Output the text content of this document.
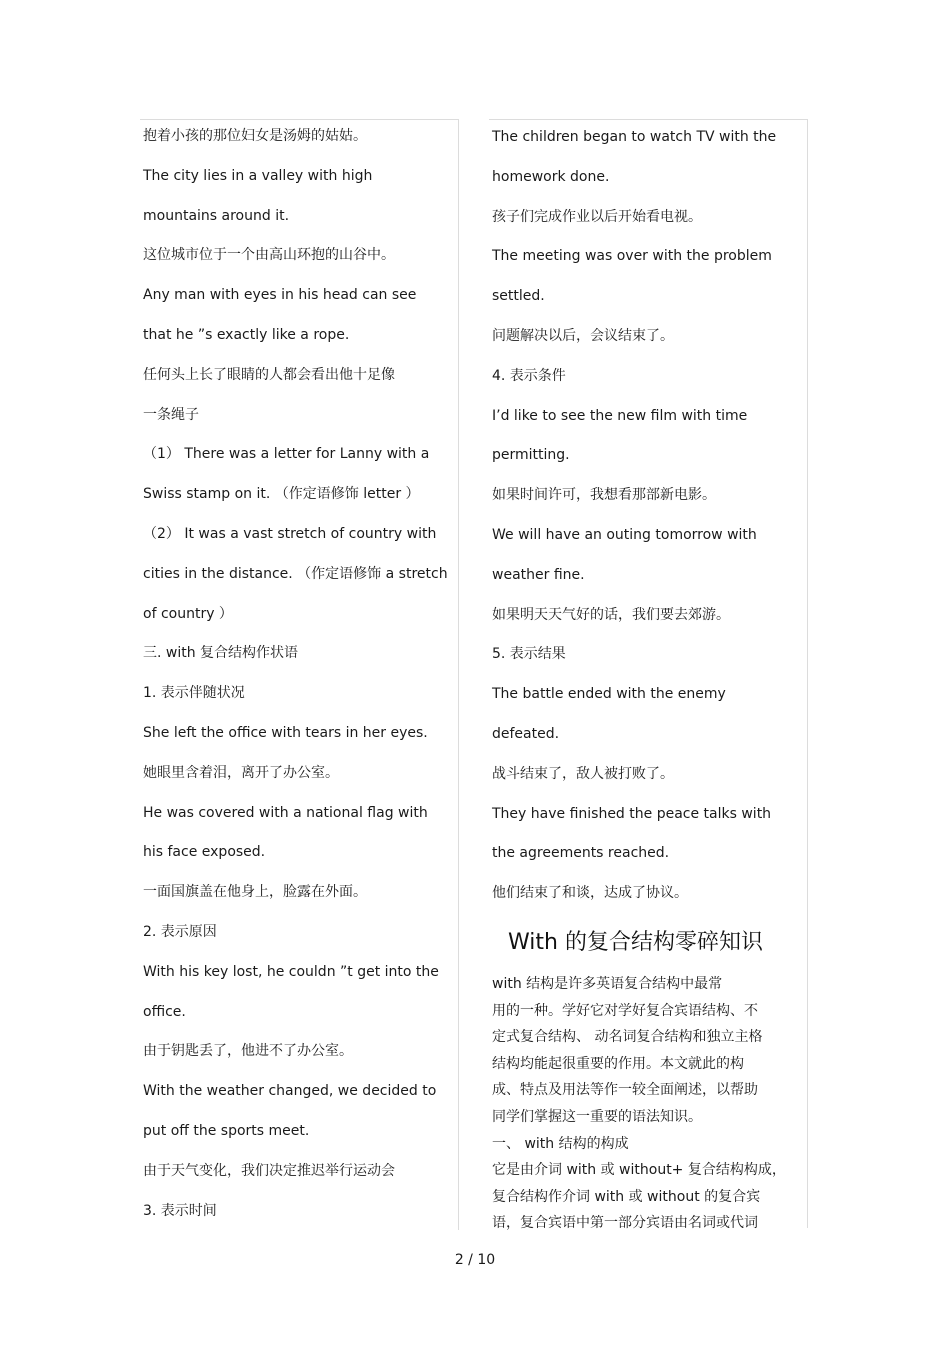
抱着小孩的那位妇女是汤姆的姑姑。
The city lies in a valley with high
mountains around it.
这位城市位于一个由高山环抱的山谷中。
Any man with eyes in his head can see
that he ”s exactly like a rope.
任何头上长了眼睛的人都会看出他十足像
一条绳子
（1） There was a letter for Lanny with a
Swiss stamp on it. （作定语修饰 letter ）
（2） It was a vast stretch of country with
cities in the distance. （作定语修饰 a stretch
of country ）
三. with 复合结构作状语
1. 表示伴随状况
She left the office with tears in her eyes.
她眼里含着泪，离开了办公室。
He was covered with a national flag with
his face exposed.
一面国旗盖在他身上，脸露在外面。
2. 表示原因
With his key lost, he couldn ”t get into the
office.
由于钥匙丢了，他进不了办公室。
With the weather changed, we decided to
put off the sports meet.
由于天气变化，我们决定推迟举行运动会
3. 表示时间
With 的复合结构零碎知识
with 结构是许多英语复合结构中最常
用的一种。学好它对学好复合宾语结构、不
定式复合结构、 动名词复合结构和独立主格
结构均能起很重要的作用。本文就此的构
成、特点及用法等作一较全面阐述，以帮助
同学们掌握这一重要的语法知识。
一、 with 结构的构成
它是由介词 with 或 without+ 复合结构构成，
复合结构作介词 with 或 without 的复合宾
语，复合宾语中第一部分宾语由名词或代词
The children began to watch TV with the
homework done.
孩子们完成作业以后开始看电视。
The meeting was over with the problem
settled.
问题解决以后，会议结束了。
4. 表示条件
I’d like to see the new film with time
permitting.
如果时间许可，我想看那部新电影。
We will have an outing tomorrow with
weather fine.
如果明天天气好的话，我们要去郊游。
5. 表示结果
The battle ended with the enemy
defeated.
战斗结束了，敌人被打败了。
They have finished the peace talks with
the agreements reached.
他们结束了和谈，达成了协议。
2 / 10
